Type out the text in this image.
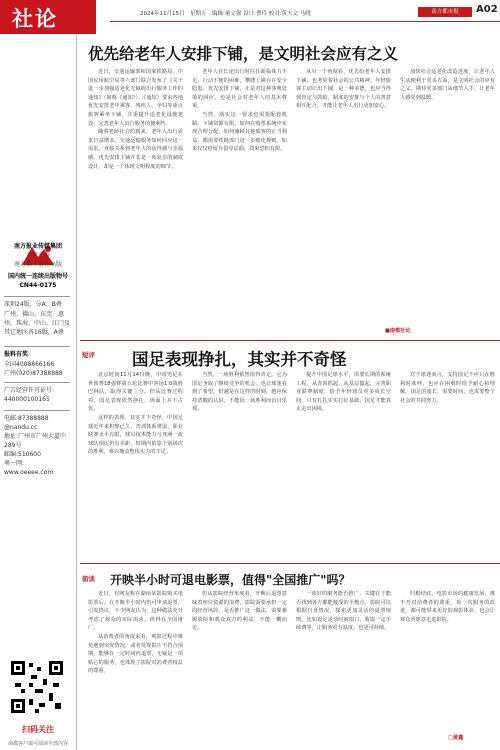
社论	2024年11月15日　星期五　编辑:董文强 设计:曹玲 校对:黄夫文 马晓	南方都市报	A02
南方报业传媒集团
主管主办
南方都市报社出版
国内统一连续出版物号
CN44-0175
深圳24版，分A、B叠
广州、佛山、东莞、惠州、珠海、中山、江门及其它地区各16版、A叠
报料有奖
全国4008866166
广州(020)87388888
广告经营许可证号:
4400001001​65
电邮:87388888
@nandu.cc
地址:广州市广州大道中289号
邮编:510600
奥一网:
www.oeeee.com
扫码关注
南都客户端可阅读全部内容
优先给老年人安排下铺，是文明社会应有之义

近日，交通运输部和国家铁路局、中国民用航空局等六部门联合发布了《关于进一步加强适老化无障碍出行服务工作的通知》（简称《通知》）。《通知》要求各地优先安排老年乘客、残疾人、孕妇等重点旅客乘坐下铺，注重提升适老化设施建设，完善老年人出行服务的便利性。

随着老龄社会的到来，老年人出行需求日益增多。交通运输服务如何回应这一需求，直接关系到老年人的获得感与幸福感。优先安排下铺并非是一项复杂的制度设计，却是一个体现文明程度的细节。

老年人在长途出行时往往面临体力不足、行动不便的困难，攀爬上铺存在安全隐患。优先安排下铺，正是对这种客观处境的回应，也是社会对老年人的基本尊重。

当然，落实这一要求也需要配套机制。下铺资源有限，如何在购票系统中实现合理分配，如何兼顾其他旅客的正当利益，都需要铁路部门进一步细化规则。如果仅仅停留在倡导层面，效果恐怕有限。

从另一个角度看，优先给老年人安排下铺，也考验着社会的公共精神。年轻旅客主动让出下铺，是一种美德，也应当得到肯定与鼓励。制度的安排与个人的善意相互配合，才能让老年人出行更加安心。

加快社会适老化改造进度，让老年人生活便利于更多方面，是文明社会的应有之义。期待更多部门从细节入手，让老年人感受到温暖。

■南都社论
短评 国足表现挣扎，其实并不奇怪

北京时间11月14日晚，中国男足在世预赛18强赛第五轮比赛中客场1:0战胜巴林队，取得关键三分。但从比赛过程看，国足表现依然挣扎，场面上并不占优。

这样的表现，其实并不奇怪。中国足球近年来积弊已久，青训体系薄弱，职业联赛水平有限，球员技术能力与亚洲一流球队相比仍有差距。短期内依靠个别场次的胜利，难以掩盖整体实力的不足。

当然，一场胜利依然值得肯定。它为国足争取了继续竞争的机会，也让球迷看到了希望。但越是在这样的时刻，越应保持清醒的认识，不能因一场胜利而盲目乐观。

提升中国足球水平，需要长期的系统工程，从青训抓起，从基层做起，完善职业联赛制度，给予年轻球员更多成长空间。只有扎扎实实打好基础，国足才能真正走出困境。

对于球迷而言，支持国足不应只在胜利时欢呼，也应在困难时给予耐心和理解。国足的成长，需要时间，也需要整个社会的共同努力。

街谈 开映半小时可退电影票，值得"全国推广"吗？

近日，有网友称在湖南某影院购买电影票后，在开映半小时内仍可申请退票，引发热议。不少网友认为，这种做法充分考虑了观众的实际需求，值得在全国推广。

从消费者的角度来看，观影过程中难免遇到突发情况，或者发现影片不符合预期，能够在一定时间内退票，无疑是一项贴心的服务，也体现了影院对消费者权益的尊重。

但从影院经营角度看，开映后退票意味着座位资源的浪费，影院需要承担一定的经营风险。是否推广这一做法，需要兼顾影院和观众双方的利益，不能一概而论。

一项好的服务能否推广，关键在于能否找到各方都能接受的平衡点。影院可以根据自身情况，探索更加灵活的退票规则，比如设定退票时间窗口、收取一定手续费等，让服务更有温度，也更可持续。

归根结底，电影市场的健康发展，离不开对消费者的尊重。每一次服务的改进，都可能带来更好的观影体验，也会让观众更愿意走进影院。

□黄鑫
